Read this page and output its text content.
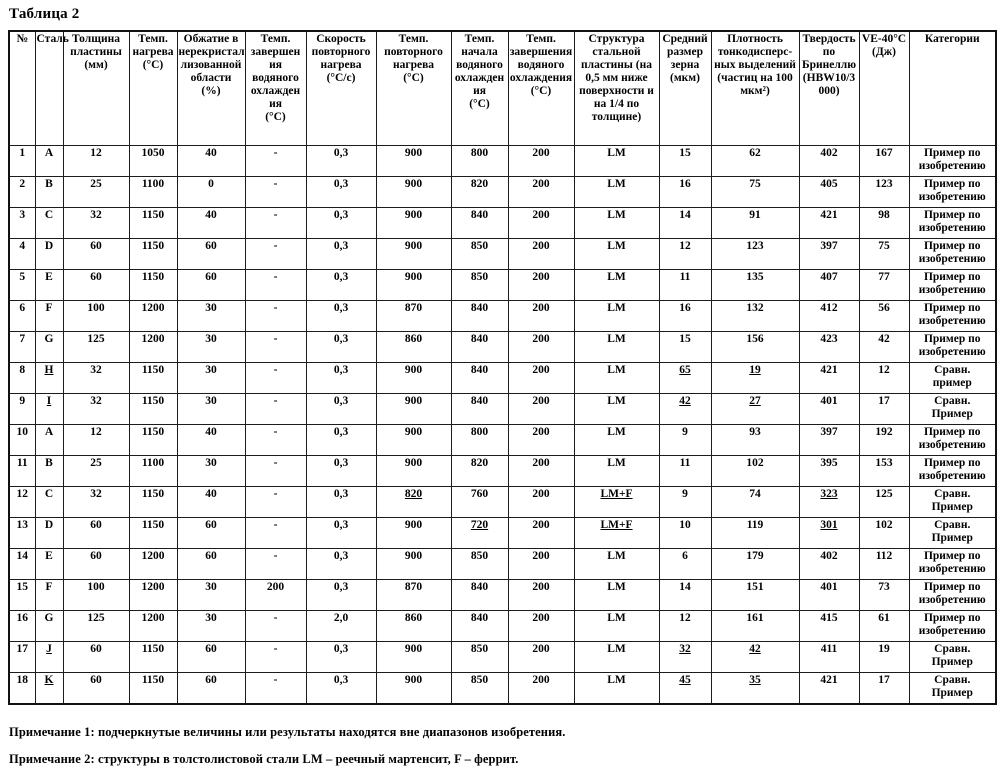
Таблица 2
№	Сталь	Толщина
пластины
(мм)	Темп.
нагрева
(°С)	Обжатие в
нерекристал
лизованной
области
(%)	Темп.
завершен
ия
водяного
охлажден
ия
(°С)	Скорость
повторного
нагрева
(°С/с)	Темп.
повторного
нагрева
(°С)	Темп.
начала
водяного
охлажден
ия
(°С)	Темп.
завершения
водяного
охлаждения
(°С)	Структура
стальной
пластины (на
0,5 мм ниже
поверхности и
на 1/4 по
толщине)	Средний
размер
зерна
(мкм)	Плотность
тонкодисперс-
ных выделений
(частиц на 100
мкм²)	Твердость
по
Бринеллю
(HBW10/3
000)	VE-40°C
(Дж)	Категории
1	A	12	1050	40	-	0,3	900	800	200	LM	15	62	402	167	Пример по
изобретению
2	B	25	1100	0	-	0,3	900	820	200	LM	16	75	405	123	Пример по
изобретению
3	C	32	1150	40	-	0,3	900	840	200	LM	14	91	421	98	Пример по
изобретению
4	D	60	1150	60	-	0,3	900	850	200	LM	12	123	397	75	Пример по
изобретению
5	E	60	1150	60	-	0,3	900	850	200	LM	11	135	407	77	Пример по
изобретению
6	F	100	1200	30	-	0,3	870	840	200	LM	16	132	412	56	Пример по
изобретению
7	G	125	1200	30	-	0,3	860	840	200	LM	15	156	423	42	Пример по
изобретению
8	H	32	1150	30	-	0,3	900	840	200	LM	65	19	421	12	Сравн.
пример
9	I	32	1150	30	-	0,3	900	840	200	LM	42	27	401	17	Сравн.
Пример
10	A	12	1150	40	-	0,3	900	800	200	LM	9	93	397	192	Пример по
изобретению
11	B	25	1100	30	-	0,3	900	820	200	LM	11	102	395	153	Пример по
изобретению
12	C	32	1150	40	-	0,3	820	760	200	LM+F	9	74	323	125	Сравн.
Пример
13	D	60	1150	60	-	0,3	900	720	200	LM+F	10	119	301	102	Сравн.
Пример
14	E	60	1200	60	-	0,3	900	850	200	LM	6	179	402	112	Пример по
изобретению
15	F	100	1200	30	200	0,3	870	840	200	LM	14	151	401	73	Пример по
изобретению
16	G	125	1200	30	-	2,0	860	840	200	LM	12	161	415	61	Пример по
изобретению
17	J	60	1150	60	-	0,3	900	850	200	LM	32	42	411	19	Сравн.
Пример
18	K	60	1150	60	-	0,3	900	850	200	LM	45	35	421	17	Сравн.
Пример

Примечание 1: подчеркнутые величины или результаты находятся вне диапазонов изобретения.

Примечание 2: структуры в толстолистовой стали LM – реечный мартенсит, F – феррит.
